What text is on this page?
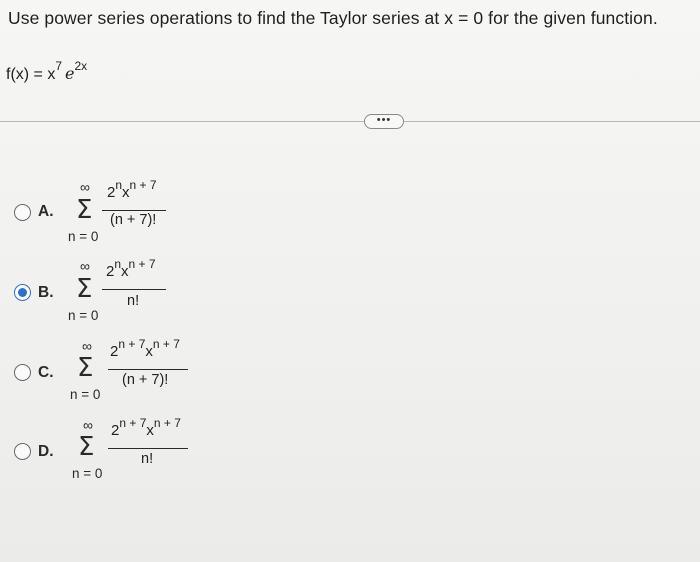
Use power series operations to find the Taylor series at x = 0 for the given function.
$f(x) = x^7$ $e^{2x}$
•••
A.
∞
Σ
n = 0
$2^nx^{n + 7}$
(n + 7)!
B.
∞
Σ
n = 0
$2^nx^{n + 7}$
n!
C.
∞
Σ
n = 0
$2^{n + 7}x^{n + 7}$
(n + 7)!
D.
∞
Σ
n = 0
$2^{n + 7}x^{n + 7}$
n!
